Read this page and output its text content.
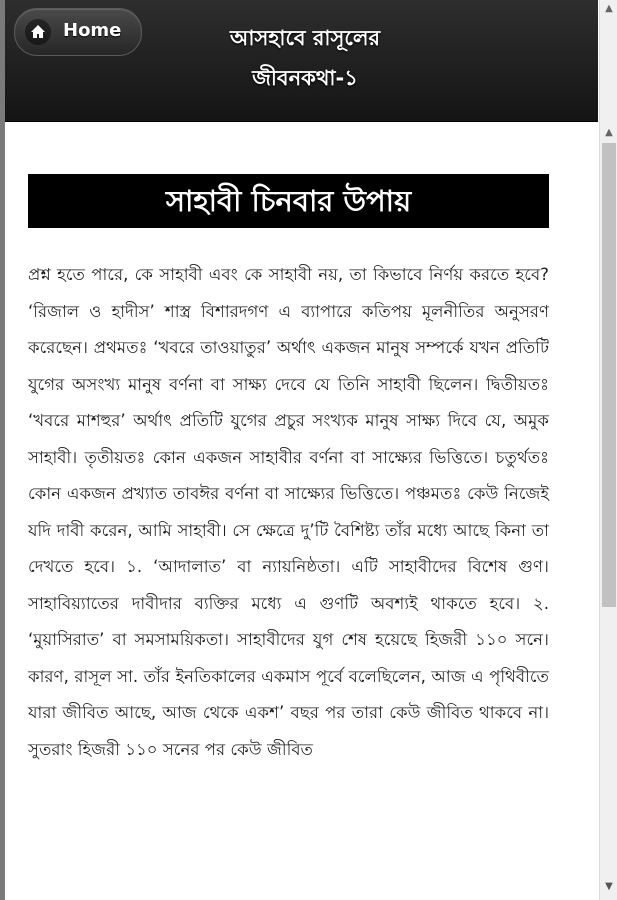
Home	আসহাবে রাসূলের
জীবনকথা-১
সাহাবী চিনবার উপায়
প্রশ্ন হতে পারে, কে সাহাবী এবং কে সাহাবী নয়, তা কিভাবে নির্ণয় করতে হবে? ‘রিজাল ও হাদীস’ শাস্ত্র বিশারদগণ এ ব্যাপারে কতিপয় মূলনীতির অনুসরণ করেছেন। প্রথমতঃ ‘খবরে তাওয়াতুর’ অর্থাৎ একজন মানুষ সম্পর্কে যখন প্রতিটি যুগের অসংখ্য মানুষ বর্ণনা বা সাক্ষ্য দেবে যে তিনি সাহাবী ছিলেন। দ্বিতীয়তঃ ‘খবরে মাশহুর’ অর্থাৎ প্রতিটি যুগের প্রচুর সংখ্যক মানুষ সাক্ষ্য দিবে যে, অমুক সাহাবী। তৃতীয়তঃ কোন একজন সাহাবীর বর্ণনা বা সাক্ষ্যের ভিত্তিতে। চতুর্থতঃ কোন একজন প্রখ্যাত তাবঈর বর্ণনা বা সাক্ষ্যের ভিত্তিতে। পঞ্চমতঃ কেউ নিজেই যদি দাবী করেন, আমি সাহাবী। সে ক্ষেত্রে দু’টি বৈশিষ্ট্য তাঁর মধ্যে আছে কিনা তা দেখতে হবে। ১. ‘আদালাত’ বা ন্যায়নিষ্ঠতা। এটি সাহাবীদের বিশেষ গুণ। সাহাবিয়্যাতের দাবীদার ব্যক্তির মধ্যে এ গুণটি অবশ্যই থাকতে হবে। ২. ‘মুয়াসিরাত’ বা সমসাময়িকতা। সাহাবীদের যুগ শেষ হয়েছে হিজরী ১১০ সনে। কারণ, রাসূল সা. তাঁর ইনতিকালের একমাস পূর্বে বলেছিলেন, আজ এ পৃথিবীতে যারা জীবিত আছে, আজ থেকে একশ’ বছর পর তারা কেউ জীবিত থাকবে না। সুতরাং হিজরী ১১০ সনের পর কেউ জীবিত
▲
▲
▼
